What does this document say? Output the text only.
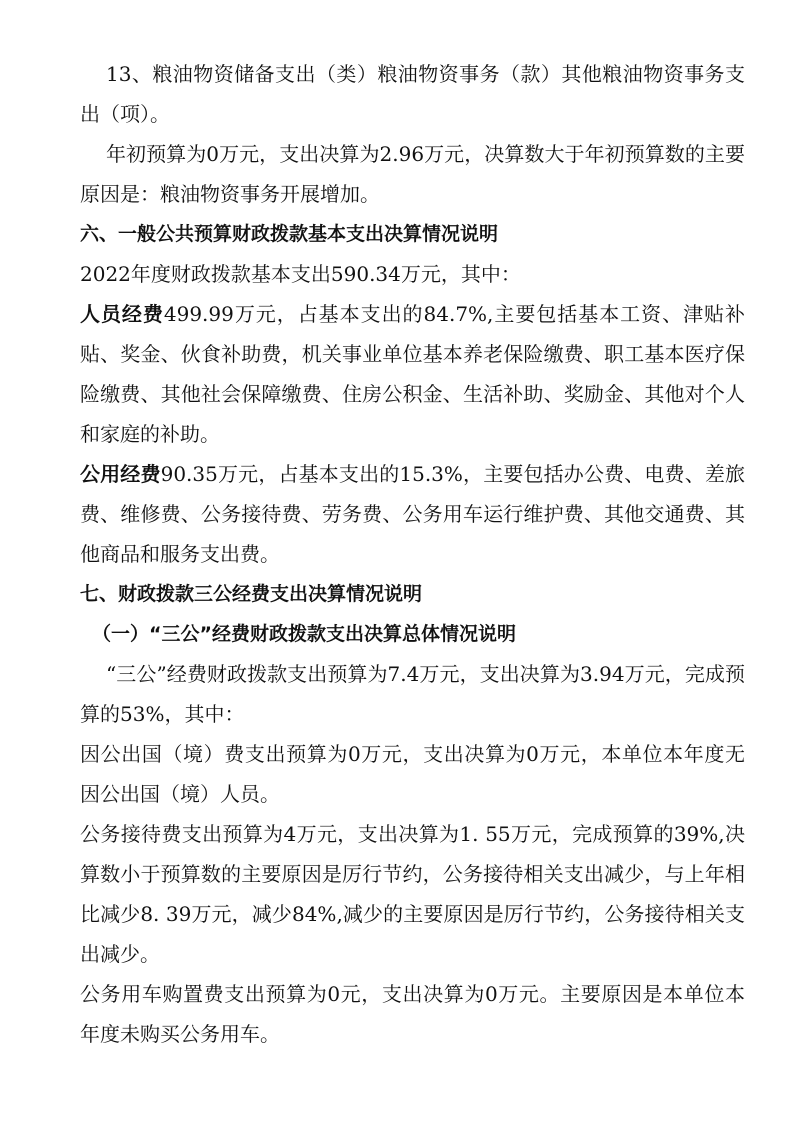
13、粮油物资储备支出（类）粮油物资事务（款）其他粮油物资事务支出（项）。

年初预算为0万元，支出决算为2.96万元，决算数大于年初预算数的主要原因是：粮油物资事务开展增加。

六、一般公共预算财政拨款基本支出决算情况说明

2022年度财政拨款基本支出590.34万元，其中：

人员经费499.99万元，占基本支出的84.7%,主要包括基本工资、津贴补贴、奖金、伙食补助费，机关事业单位基本养老保险缴费、职工基本医疗保险缴费、其他社会保障缴费、住房公积金、生活补助、奖励金、其他对个人和家庭的补助。

公用经费90.35万元，占基本支出的15.3%，主要包括办公费、电费、差旅费、维修费、公务接待费、劳务费、公务用车运行维护费、其他交通费、其他商品和服务支出费。

七、财政拨款三公经费支出决算情况说明

（一）“三公”经费财政拨款支出决算总体情况说明

“三公”经费财政拨款支出预算为7.4万元，支出决算为3.94万元，完成预算的53%，其中：

因公出国（境）费支出预算为0万元，支出决算为0万元，本单位本年度无因公出国（境）人员。

公务接待费支出预算为4万元，支出决算为1. 55万元，完成预算的39%,决算数小于预算数的主要原因是厉行节约，公务接待相关支出减少，与上年相比减少8. 39万元，减少84%,减少的主要原因是厉行节约，公务接待相关支出减少。

公务用车购置费支出预算为0元，支出决算为0万元。主要原因是本单位本年度未购买公务用车。
